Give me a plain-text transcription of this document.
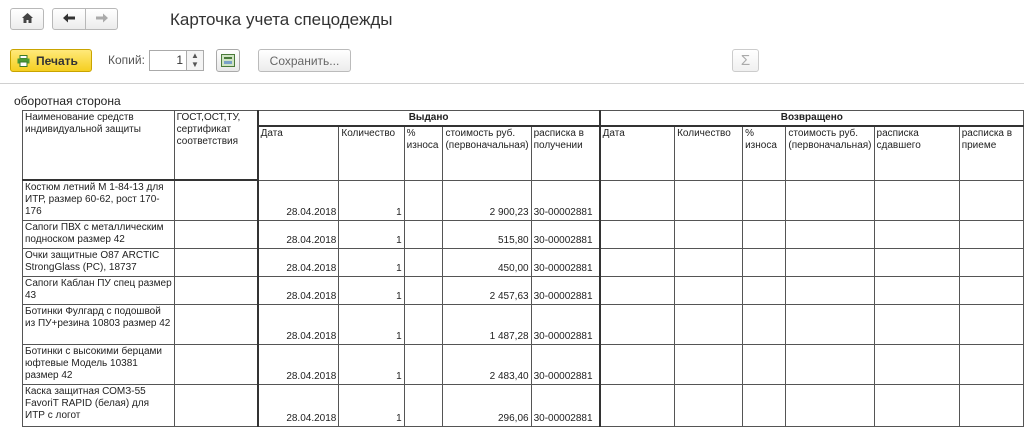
Карточка учета спецодежды
Печать	Копий:	1	▲
▼	Сохранить...	Σ
оборотная сторона
Наименование средств индивидуальной защиты	ГОСТ,ОСТ,ТУ, сертификат соответствия	Выдано					Возвращено					
		Дата	Количество	% износа	стоимость руб. (первоначальная)	расписка в получении	Дата	Количество	% износа	стоимость руб. (первоначальная)	расписка сдавшего	расписка в приеме
Костюм летний М 1-84-13 для ИТР, размер 60-62, рост 170-176		28.04.2018	1		2 900,23	30-00002881						
Сапоги ПВХ с металлическим подноском размер 42		28.04.2018	1		515,80	30-00002881						
Очки защитные О87 ARCTIC StrongGlass (PC), 18737		28.04.2018	1		450,00	30-00002881						
Сапоги Каблан ПУ спец размер 43		28.04.2018	1		2 457,63	30-00002881						
Ботинки Фулгард с подошвой из ПУ+резина 10803 размер 42		28.04.2018	1		1 487,28	30-00002881						
Ботинки с высокими берцами юфтевые Модель 10381 размер 42		28.04.2018	1		2 483,40	30-00002881						
Каска защитная СОМЗ-55 FavoriT RAPID (белая) для ИТР с логот		28.04.2018	1		296,06	30-00002881						
